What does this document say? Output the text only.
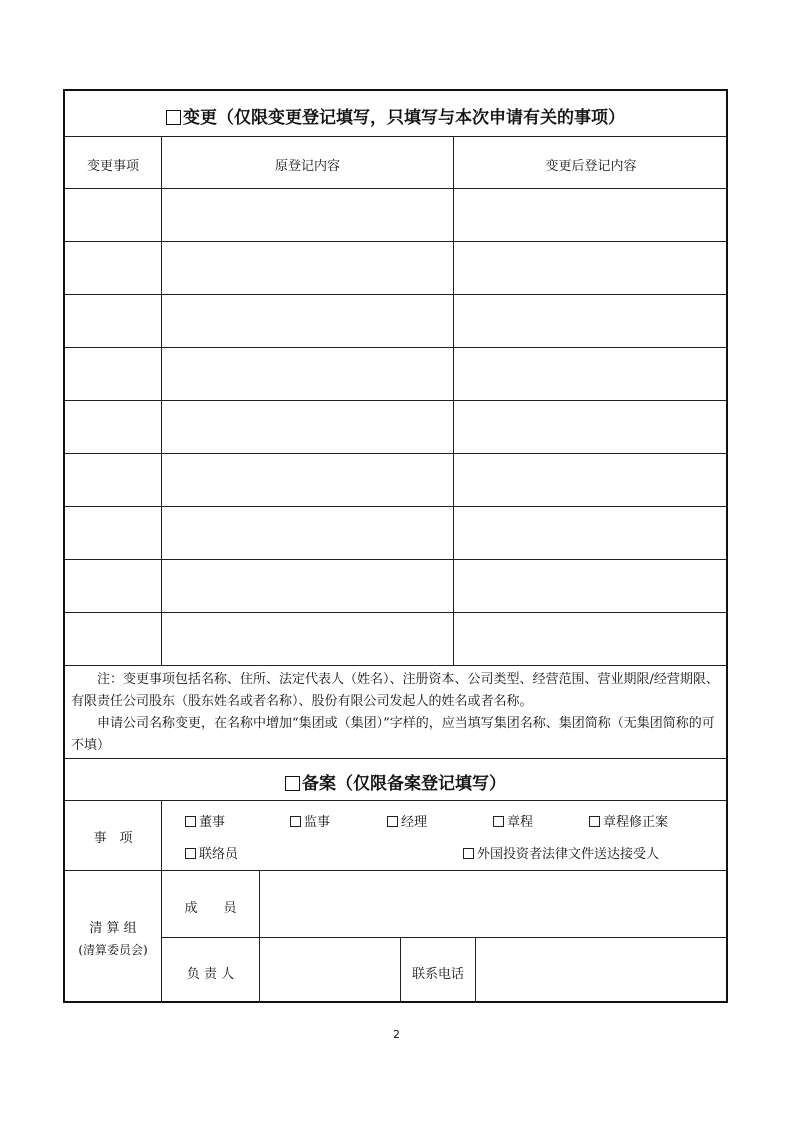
变更（仅限变更登记填写，只填写与本次申请有关的事项）
变更事项	原登记内容	变更后登记内容

注：变更事项包括名称、住所、法定代表人（姓名）、注册资本、公司类型、经营范围、营业期限/经营期限、有限责任公司股东（股东姓名或者名称）、股份有限公司发起人的姓名或者名称。

申请公司名称变更，在名称中增加“集团或（集团）”字样的，应当填写集团名称、集团简称（无集团简称的可不填）

备案（仅限备案登记填写）
事　项
董事	监事	经理	章程	章程修正案
联络员	外国投资者法律文件送达接受人
清 算 组
(清算委员会)
成　　员
负 责 人	联系电话
2
